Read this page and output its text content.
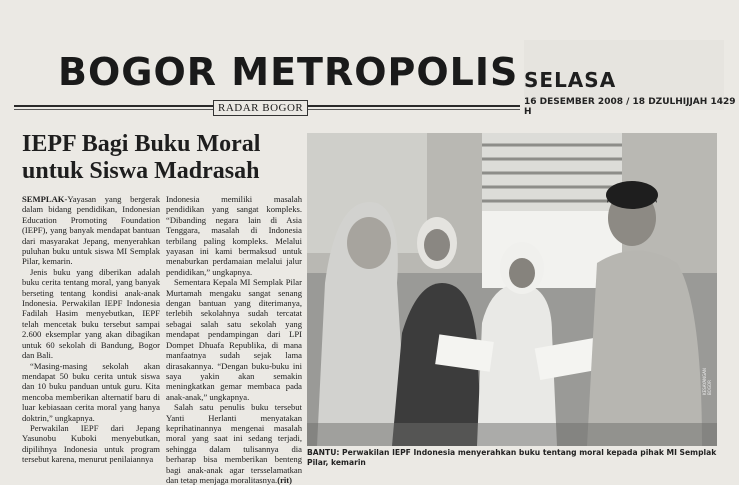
BOGOR METROPOLIS SELASA
16 DESEMBER 2008 / 18 DZULHIJJAH 1429 H
RADAR BOGOR
IEPF Bagi Buku Moral untuk Siswa Madrasah

SEMPLAK-Yayasan yang bergerak dalam bidang pendidikan, Indonesian Education Promoting Foundation (IEPF), yang banyak mendapat bantuan dari masyarakat Jepang, menyerahkan puluhan buku untuk siswa MI Semplak Pilar, kemarin.

Jenis buku yang diberikan adalah buku cerita tentang moral, yang banyak berseting tentang kondisi anak-anak Indonesia. Perwakilan IEPF Indonesia Fadilah Hasim menyebutkan, IEPF telah mencetak buku tersebut sampai 2.600 eksemplar yang akan dibagikan untuk 60 sekolah di Bandung, Bogor dan Bali.

“Masing-masing sekolah akan mendapat 50 buku cerita untuk siswa dan 10 buku panduan untuk guru. Kita mencoba memberikan alternatif baru di luar kebiasaan cerita moral yang hanya doktrin,” ungkapnya.

Perwakilan IEPF dari Jepang Yasunobu Kuboki menyebutkan, dipilihnya Indonesia untuk program tersebut karena, menurut penilaiannya

Indonesia memiliki masalah pendidikan yang sangat kompleks. “Dibanding negara lain di Asia Tenggara, masalah di Indonesia terbilang paling kompleks. Melalui yayasan ini kami bermaksud untuk menaburkan perdamaian melalui jalur pendidikan,” ungkapnya.

Sementara Kepala MI Semplak Pilar Murtamah mengaku sangat senang dengan bantuan yang diterimanya, terlebih sekolahnya sudah tercatat sebagai salah satu sekolah yang mendapat pendampingan dari LPI Dompet Dhuafa Republika, di mana manfaatnya sudah sejak lama dirasakannya. “Dengan buku-buku ini saya yakin akan semakin meningkatkan gemar membaca pada anak-anak,” ungkapnya.

Salah satu penulis buku tersebut Yanti Herlanti menyatakan keprihatinannya mengenai masalah moral yang saat ini sedang terjadi, sehingga dalam tulisannya dia berharap bisa memberikan benteng bagi anak-anak agar tersselamatkan dan tetap menjaga moralitasnya.(rit)

KESAYANGAN BOGOR
BANTU: Perwakilan IEPF Indonesia menyerahkan buku tentang moral kepada pihak MI Semplak Pilar, kemarin
